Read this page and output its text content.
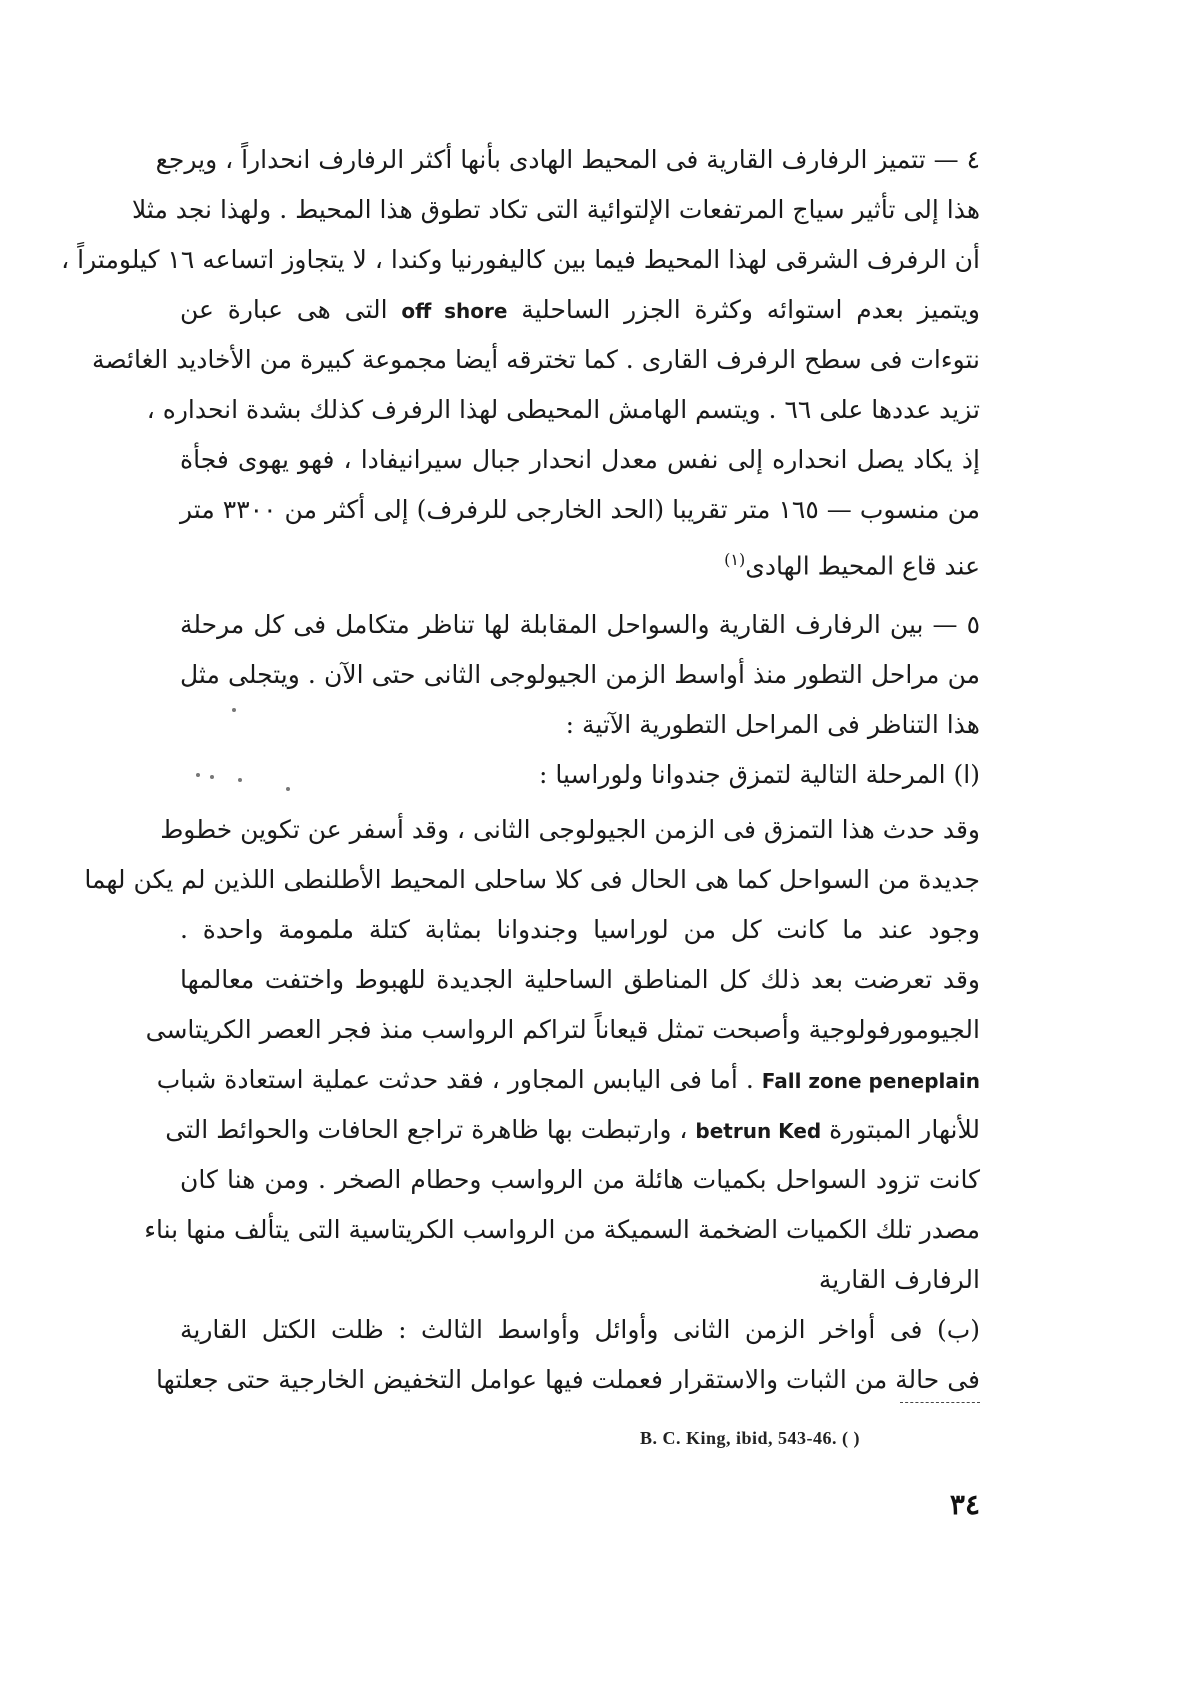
٤ — تتميز الرفارف القارية فى المحيط الهادى بأنها أكثر الرفارف انحداراً ، ويرجع
هذا إلى تأثير سياج المرتفعات الإلتوائية التى تكاد تطوق هذا المحيط . ولهذا نجد مثلا
أن الرفرف الشرقى لهذا المحيط فيما بين كاليفورنيا وكندا ، لا يتجاوز اتساعه ١٦ كيلومتراً ،
ويتميز بعدم استوائه وكثرة الجزر الساحلية off shore التى هى عبارة عن
نتوءات فى سطح الرفرف القارى . كما تخترقه أيضا مجموعة كبيرة من الأخاديد الغائصة
تزيد عددها على ٦٦ . ويتسم الهامش المحيطى لهذا الرفرف كذلك بشدة انحداره ،
إذ يكاد يصل انحداره إلى نفس معدل انحدار جبال سيرانيفادا ، فهو يهوى فجأة
من منسوب — ١٦٥ متر تقريبا (الحد الخارجى للرفرف) إلى أكثر من ٣٣٠٠ متر
عند قاع المحيط الهادى$^{(١)}$
٥ — بين الرفارف القارية والسواحل المقابلة لها تناظر متكامل فى كل مرحلة
من مراحل التطور منذ أواسط الزمن الجيولوجى الثانى حتى الآن . ويتجلى مثل
هذا التناظر فى المراحل التطورية الآتية :
(ا) المرحلة التالية لتمزق جندوانا ولوراسيا :
وقد حدث هذا التمزق فى الزمن الجيولوجى الثانى ، وقد أسفر عن تكوين خطوط
جديدة من السواحل كما هى الحال فى كلا ساحلى المحيط الأطلنطى اللذين لم يكن لهما
وجود عند ما كانت كل من لوراسيا وجندوانا بمثابة كتلة ملمومة واحدة .
وقد تعرضت بعد ذلك كل المناطق الساحلية الجديدة للهبوط واختفت معالمها
الجيومورفولوجية وأصبحت تمثل قيعاناً لتراكم الرواسب منذ فجر العصر الكريتاسى
Fall zone peneplain . أما فى اليابس المجاور ، فقد حدثت عملية استعادة شباب
للأنهار المبتورة betrun Ked ، وارتبطت بها ظاهرة تراجع الحافات والحوائط التى
كانت تزود السواحل بكميات هائلة من الرواسب وحطام الصخر . ومن هنا كان
مصدر تلك الكميات الضخمة السميكة من الرواسب الكريتاسية التى يتألف منها بناء
الرفارف القارية
(ب) فى أواخر الزمن الثانى وأوائل وأواسط الثالث : ظلت الكتل القارية
فى حالة من الثبات والاستقرار فعملت فيها عوامل التخفيض الخارجية حتى جعلتها
B. C. King, ibid, 543-46. ( )
٣٤
